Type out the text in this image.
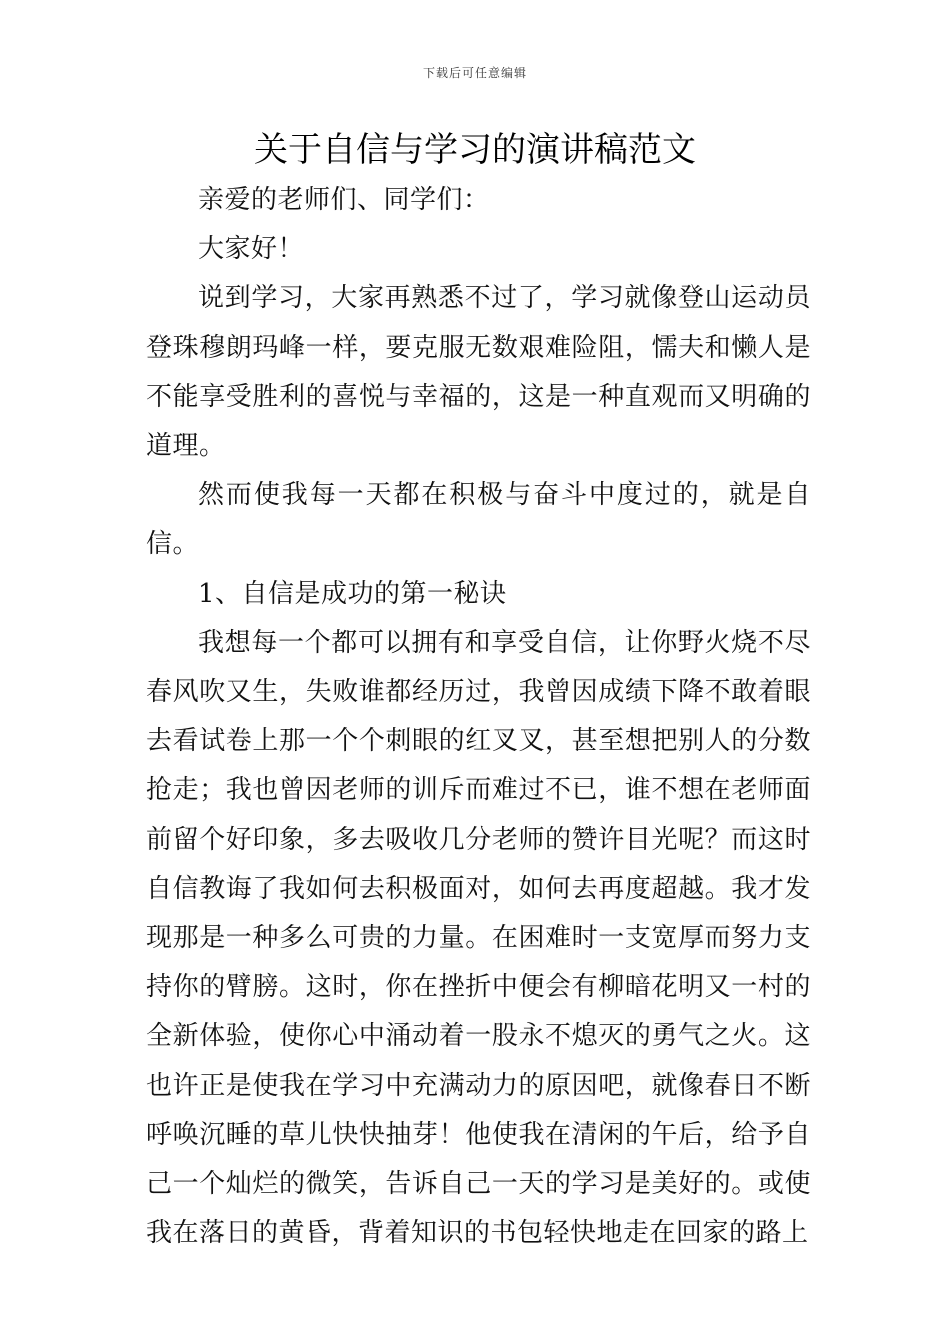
下载后可任意编辑
关于自信与学习的演讲稿范文

亲爱的老师们、同学们：

大家好！

说到学习，大家再熟悉不过了，学习就像登山运动员登珠穆朗玛峰一样，要克服无数艰难险阻，懦夫和懒人是不能享受胜利的喜悦与幸福的，这是一种直观而又明确的道理。

然而使我每一天都在积极与奋斗中度过的，就是自信。

1、自信是成功的第一秘诀

我想每一个都可以拥有和享受自信，让你野火烧不尽春风吹又生，失败谁都经历过，我曾因成绩下降不敢着眼去看试卷上那一个个刺眼的红叉叉，甚至想把别人的分数抢走；我也曾因老师的训斥而难过不已，谁不想在老师面前留个好印象，多去吸收几分老师的赞许目光呢？而这时自信教诲了我如何去积极面对，如何去再度超越。我才发现那是一种多么可贵的力量。在困难时一支宽厚而努力支持你的臂膀。这时，你在挫折中便会有柳暗花明又一村的全新体验，使你心中涌动着一股永不熄灭的勇气之火。这也许正是使我在学习中充满动力的原因吧，就像春日不断呼唤沉睡的草儿快快抽芽！他使我在清闲的午后，给予自己一个灿烂的微笑，告诉自己一天的学习是美好的。或使我在落日的黄昏，背着知识的书包轻快地走在回家的路上
